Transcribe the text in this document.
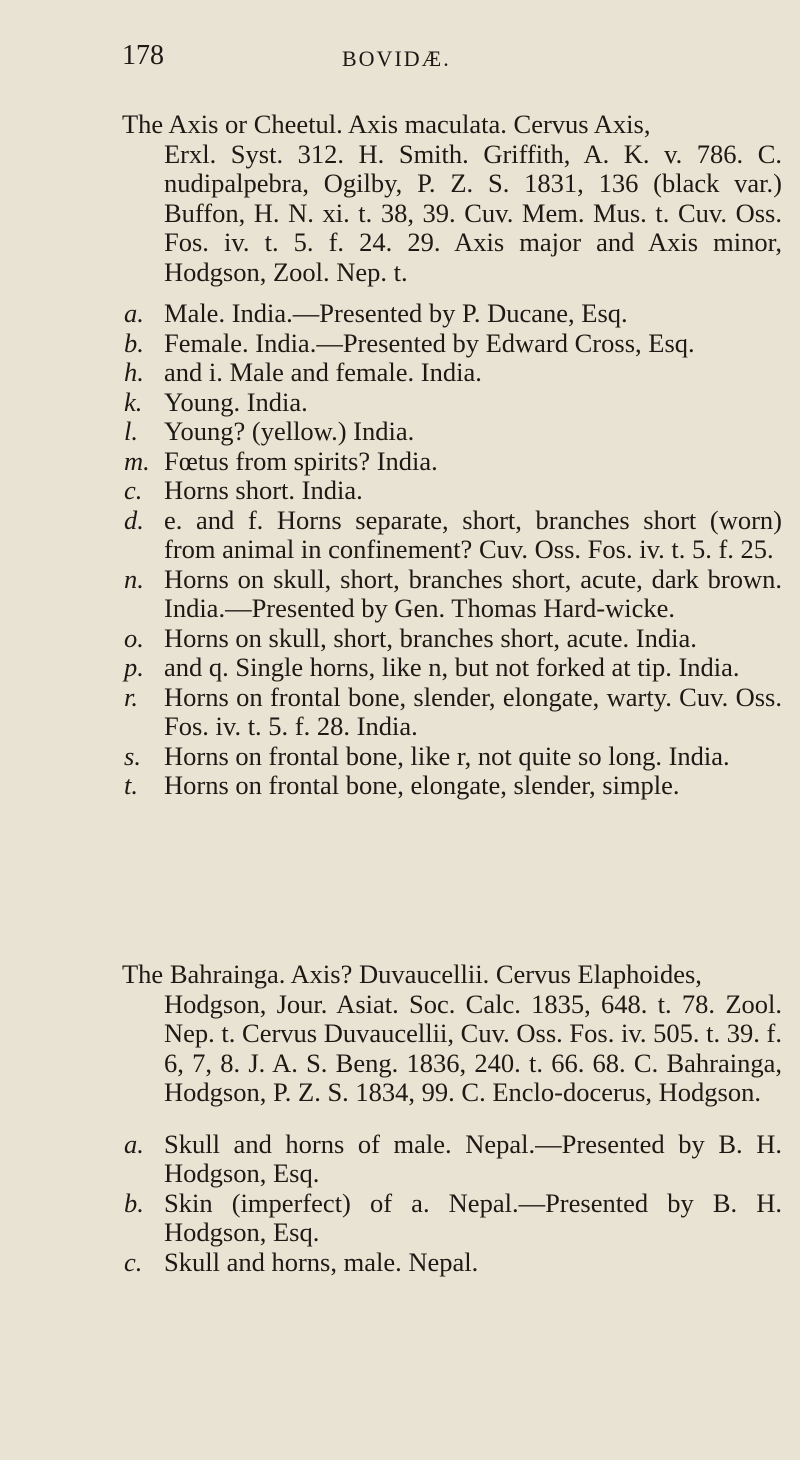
178	BOVIDÆ.
The Axis or Cheetul. Axis maculata. Cervus Axis,
Erxl. Syst. 312. H. Smith. Griffith, A. K. v. 786. C. nudipalpebra, Ogilby, P. Z. S. 1831, 136 (black var.) Buffon, H. N. xi. t. 38, 39. Cuv. Mem. Mus. t. Cuv. Oss. Fos. iv. t. 5. f. 24. 29. Axis major and Axis minor, Hodgson, Zool. Nep. t.
a. Male. India.—Presented by P. Ducane, Esq.
b. Female. India.—Presented by Edward Cross, Esq.
h. and i. Male and female. India.
k. Young. India.
l. Young? (yellow.) India.
m. Fœtus from spirits? India.
c. Horns short. India.
d. e. and f. Horns separate, short, branches short (worn) from animal in confinement? Cuv. Oss. Fos. iv. t. 5. f. 25.
n. Horns on skull, short, branches short, acute, dark brown. India.—Presented by Gen. Thomas Hard-wicke.
o. Horns on skull, short, branches short, acute. India.
p. and q. Single horns, like n, but not forked at tip. India.
r. Horns on frontal bone, slender, elongate, warty. Cuv. Oss. Fos. iv. t. 5. f. 28. India.
s. Horns on frontal bone, like r, not quite so long. India.
t. Horns on frontal bone, elongate, slender, simple.
The Bahrainga. Axis? Duvaucellii. Cervus Elaphoides,
Hodgson, Jour. Asiat. Soc. Calc. 1835, 648. t. 78. Zool. Nep. t. Cervus Duvaucellii, Cuv. Oss. Fos. iv. 505. t. 39. f. 6, 7, 8. J. A. S. Beng. 1836, 240. t. 66. 68. C. Bahrainga, Hodgson, P. Z. S. 1834, 99. C. Enclo-docerus, Hodgson.
a. Skull and horns of male. Nepal.—Presented by B. H. Hodgson, Esq.
b. Skin (imperfect) of a. Nepal.—Presented by B. H. Hodgson, Esq.
c. Skull and horns, male. Nepal.
